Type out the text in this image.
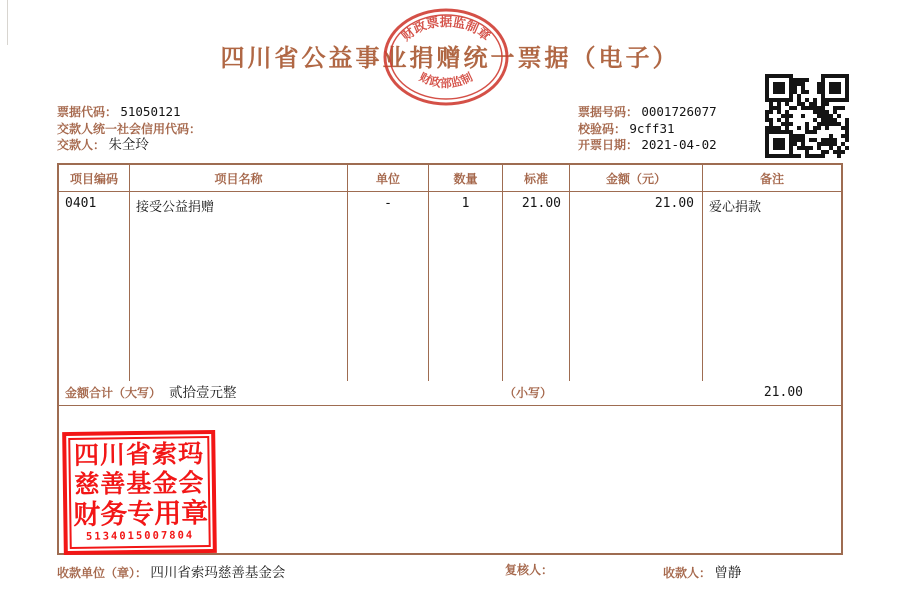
四川省公益事业捐赠统一票据（电子）
财政票据监制章
财政部监制
票据代码： 51050121
交款人统一社会信用代码：
交款人： 朱全玲
票据号码： 0001726077
校验码： 9cff31
开票日期： 2021-04-02
项目编码	项目名称	单位	数量	标准	金额（元）	备注
0401	接受公益捐赠	-	1	21.00	21.00	爱心捐款
金额合计（大写） 贰拾壹元整	（小写）	21.00
四川省索玛
慈善基金会
财务专用章
5134015007804
收款单位（章）： 四川省索玛慈善基金会	复核人：	收款人： 曾静
